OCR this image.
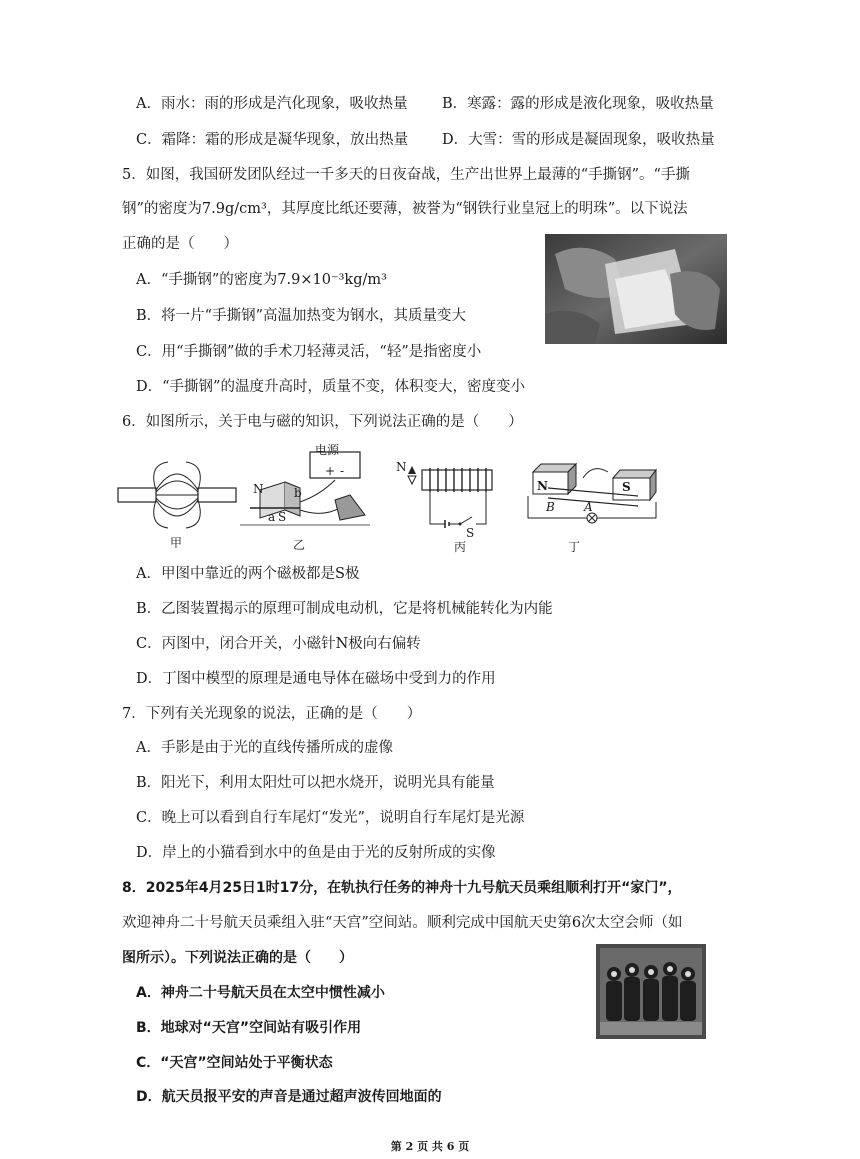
A．雨水：雨的形成是汽化现象，吸收热量 B．寒露：露的形成是液化现象，吸收热量
C．霜降：霜的形成是凝华现象，放出热量 D．大雪：雪的形成是凝固现象，吸收热量
5．如图，我国研发团队经过一千多天的日夜奋战，生产出世界上最薄的“手撕钢”。“手撕
钢”的密度为7.9g/cm³，其厚度比纸还要薄，被誉为“钢铁行业皇冠上的明珠”。以下说法
正确的是（　　）
A．“手撕钢”的密度为7.9×10⁻³kg/m³
B．将一片“手撕钢”高温加热变为钢水，其质量变大
C．用“手撕钢”做的手术刀轻薄灵活，“轻”是指密度小
D．“手撕钢”的温度升高时，质量不变，体积变大，密度变小
6．如图所示，关于电与磁的知识，下列说法正确的是（　　）
甲
电源
+ -
N	b
a S
乙
N
S
丙
N	S
B A
丁
A．甲图中靠近的两个磁极都是S极
B．乙图装置揭示的原理可制成电动机，它是将机械能转化为内能
C．丙图中，闭合开关，小磁针N极向右偏转
D．丁图中模型的原理是通电导体在磁场中受到力的作用
7．下列有关光现象的说法，正确的是（　　）
A．手影是由于光的直线传播所成的虚像
B．阳光下，利用太阳灶可以把水烧开，说明光具有能量
C．晚上可以看到自行车尾灯“发光”，说明自行车尾灯是光源
D．岸上的小猫看到水中的鱼是由于光的反射所成的实像
8．2025年4月25日1时17分，在轨执行任务的神舟十九号航天员乘组顺利打开“家门”，
欢迎神舟二十号航天员乘组入驻“天宫”空间站。顺利完成中国航天史第6次太空会师（如
图所示）。下列说法正确的是（　　）
A．神舟二十号航天员在太空中惯性减小
B．地球对“天宫”空间站有吸引作用
C．“天宫”空间站处于平衡状态
D．航天员报平安的声音是通过超声波传回地面的
第 2 页 共 6 页
